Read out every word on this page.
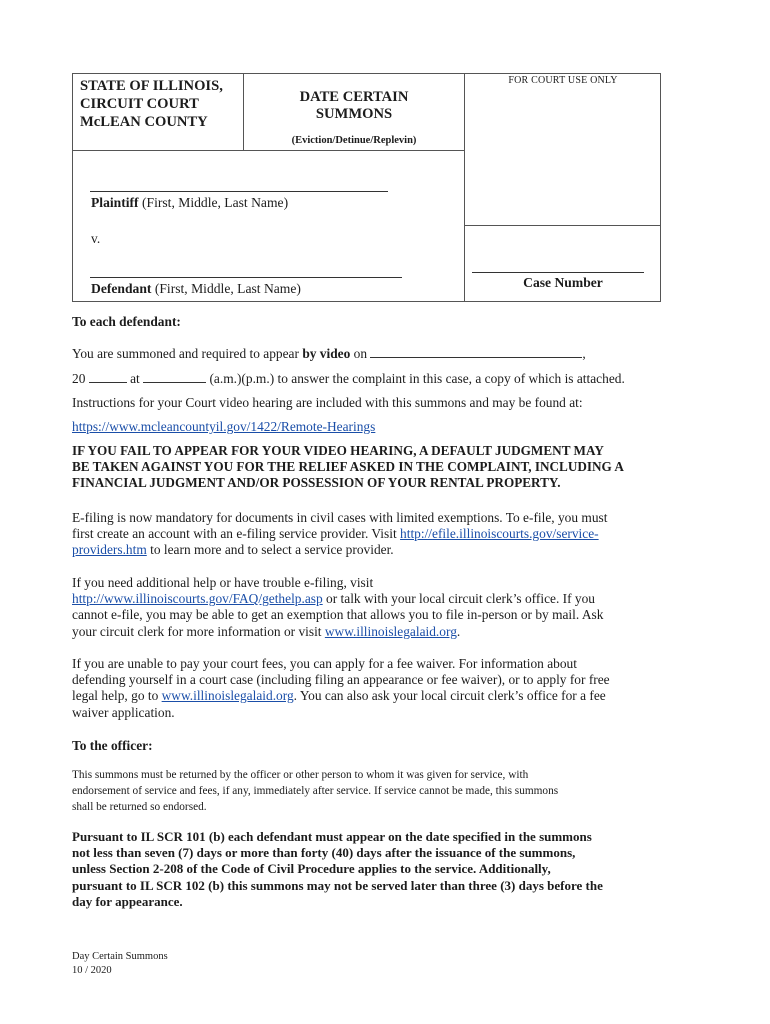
STATE OF ILLINOIS,
CIRCUIT COURT
McLEAN COUNTY
DATE CERTAIN
SUMMONS
(Eviction/Detinue/Replevin)
FOR COURT USE ONLY
Plaintiff (First, Middle, Last Name)
v.
Defendant (First, Middle, Last Name)	Case Number
To each defendant:
You are summoned and required to appear by video on	,
20	at	(a.m.)(p.m.) to answer the complaint in this case, a copy of which is attached.
Instructions for your Court video hearing are included with this summons and may be found at:
https://www.mcleancountyil.gov/1422/Remote-Hearings
IF YOU FAIL TO APPEAR FOR YOUR VIDEO HEARING, A DEFAULT JUDGMENT MAY
BE TAKEN AGAINST YOU FOR THE RELIEF ASKED IN THE COMPLAINT, INCLUDING A
FINANCIAL JUDGMENT AND/OR POSSESSION OF YOUR RENTAL PROPERTY.
E-filing is now mandatory for documents in civil cases with limited exemptions. To e-file, you must
first create an account with an e-filing service provider. Visit http://efile.illinoiscourts.gov/service-
providers.htm to learn more and to select a service provider.
If you need additional help or have trouble e-filing, visit
http://www.illinoiscourts.gov/FAQ/gethelp.asp or talk with your local circuit clerk’s office. If you
cannot e-file, you may be able to get an exemption that allows you to file in-person or by mail. Ask
your circuit clerk for more information or visit www.illinoislegalaid.org.
If you are unable to pay your court fees, you can apply for a fee waiver. For information about
defending yourself in a court case (including filing an appearance or fee waiver), or to apply for free
legal help, go to www.illinoislegalaid.org. You can also ask your local circuit clerk’s office for a fee
waiver application.
To the officer:
This summons must be returned by the officer or other person to whom it was given for service, with
endorsement of service and fees, if any, immediately after service. If service cannot be made, this summons
shall be returned so endorsed.
Pursuant to IL SCR 101 (b) each defendant must appear on the date specified in the summons
not less than seven (7) days or more than forty (40) days after the issuance of the summons,
unless Section 2-208 of the Code of Civil Procedure applies to the service. Additionally,
pursuant to IL SCR 102 (b) this summons may not be served later than three (3) days before the
day for appearance.
Day Certain Summons
10 / 2020
